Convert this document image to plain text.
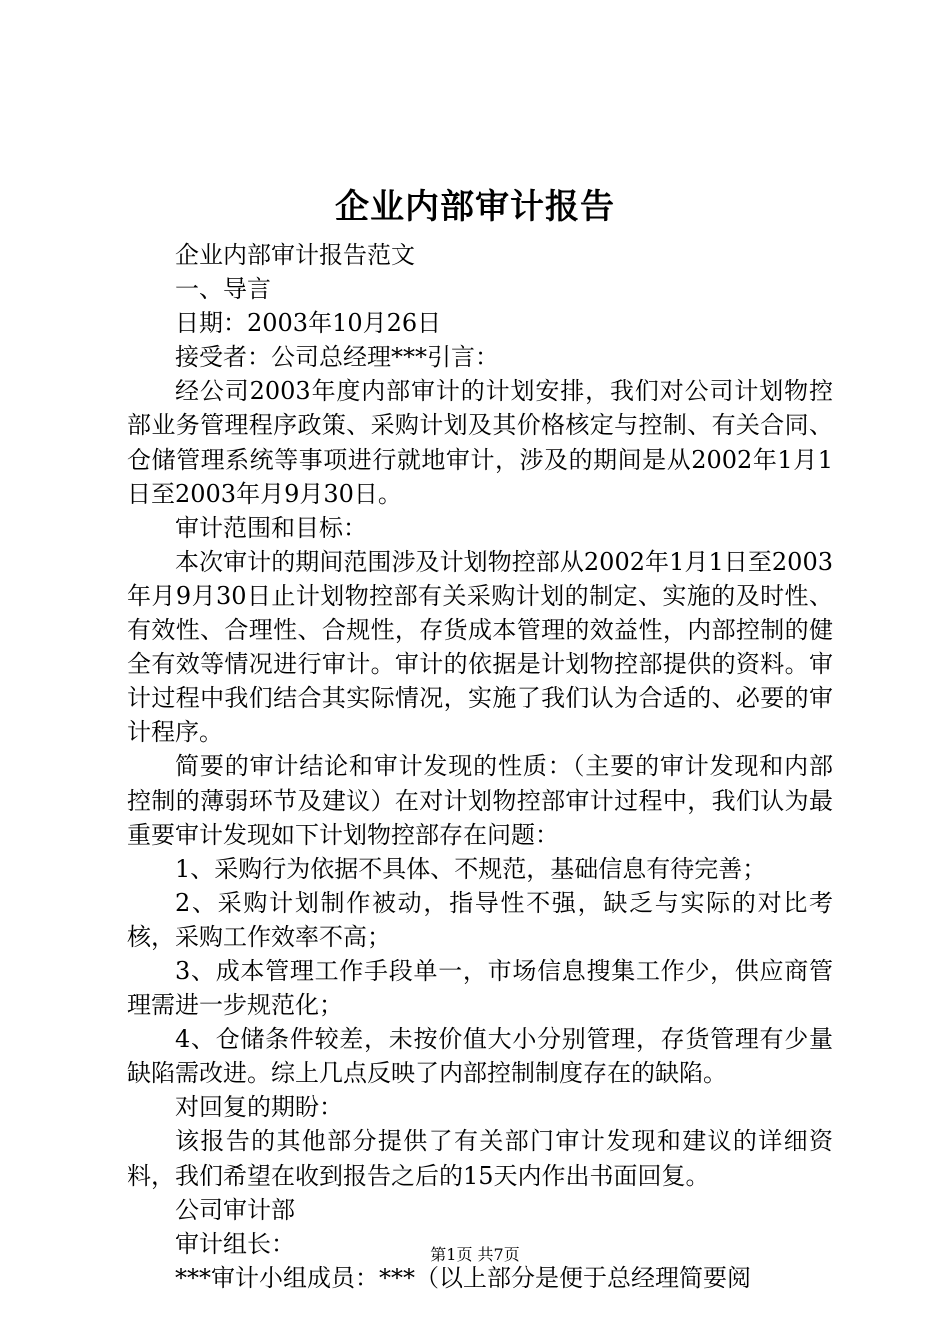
企业内部审计报告

企业内部审计报告范文

一、导言

日期：2003年10月26日

接受者：公司总经理***引言：

经公司2003年度内部审计的计划安排，我们对公司计划物控部业务管理程序政策、采购计划及其价格核定与控制、有关合同、仓储管理系统等事项进行就地审计，涉及的期间是从2002年1月1日至2003年月9月30日。

审计范围和目标：

本次审计的期间范围涉及计划物控部从2002年1月1日至2003年月9月30日止计划物控部有关采购计划的制定、实施的及时性、有效性、合理性、合规性，存货成本管理的效益性，内部控制的健全有效等情况进行审计。审计的依据是计划物控部提供的资料。审计过程中我们结合其实际情况，实施了我们认为合适的、必要的审计程序。

简要的审计结论和审计发现的性质：（主要的审计发现和内部控制的薄弱环节及建议）在对计划物控部审计过程中，我们认为最重要审计发现如下计划物控部存在问题：

1、采购行为依据不具体、不规范，基础信息有待完善；

2、采购计划制作被动，指导性不强，缺乏与实际的对比考核，采购工作效率不高；

3、成本管理工作手段单一，市场信息搜集工作少，供应商管理需进一步规范化；

4、仓储条件较差，未按价值大小分别管理，存货管理有少量缺陷需改进。综上几点反映了内部控制制度存在的缺陷。

对回复的期盼：

该报告的其他部分提供了有关部门审计发现和建议的详细资料，我们希望在收到报告之后的15天内作出书面回复。

公司审计部

审计组长：

***审计小组成员：***（以上部分是便于总经理简要阅

第1页 共7页
